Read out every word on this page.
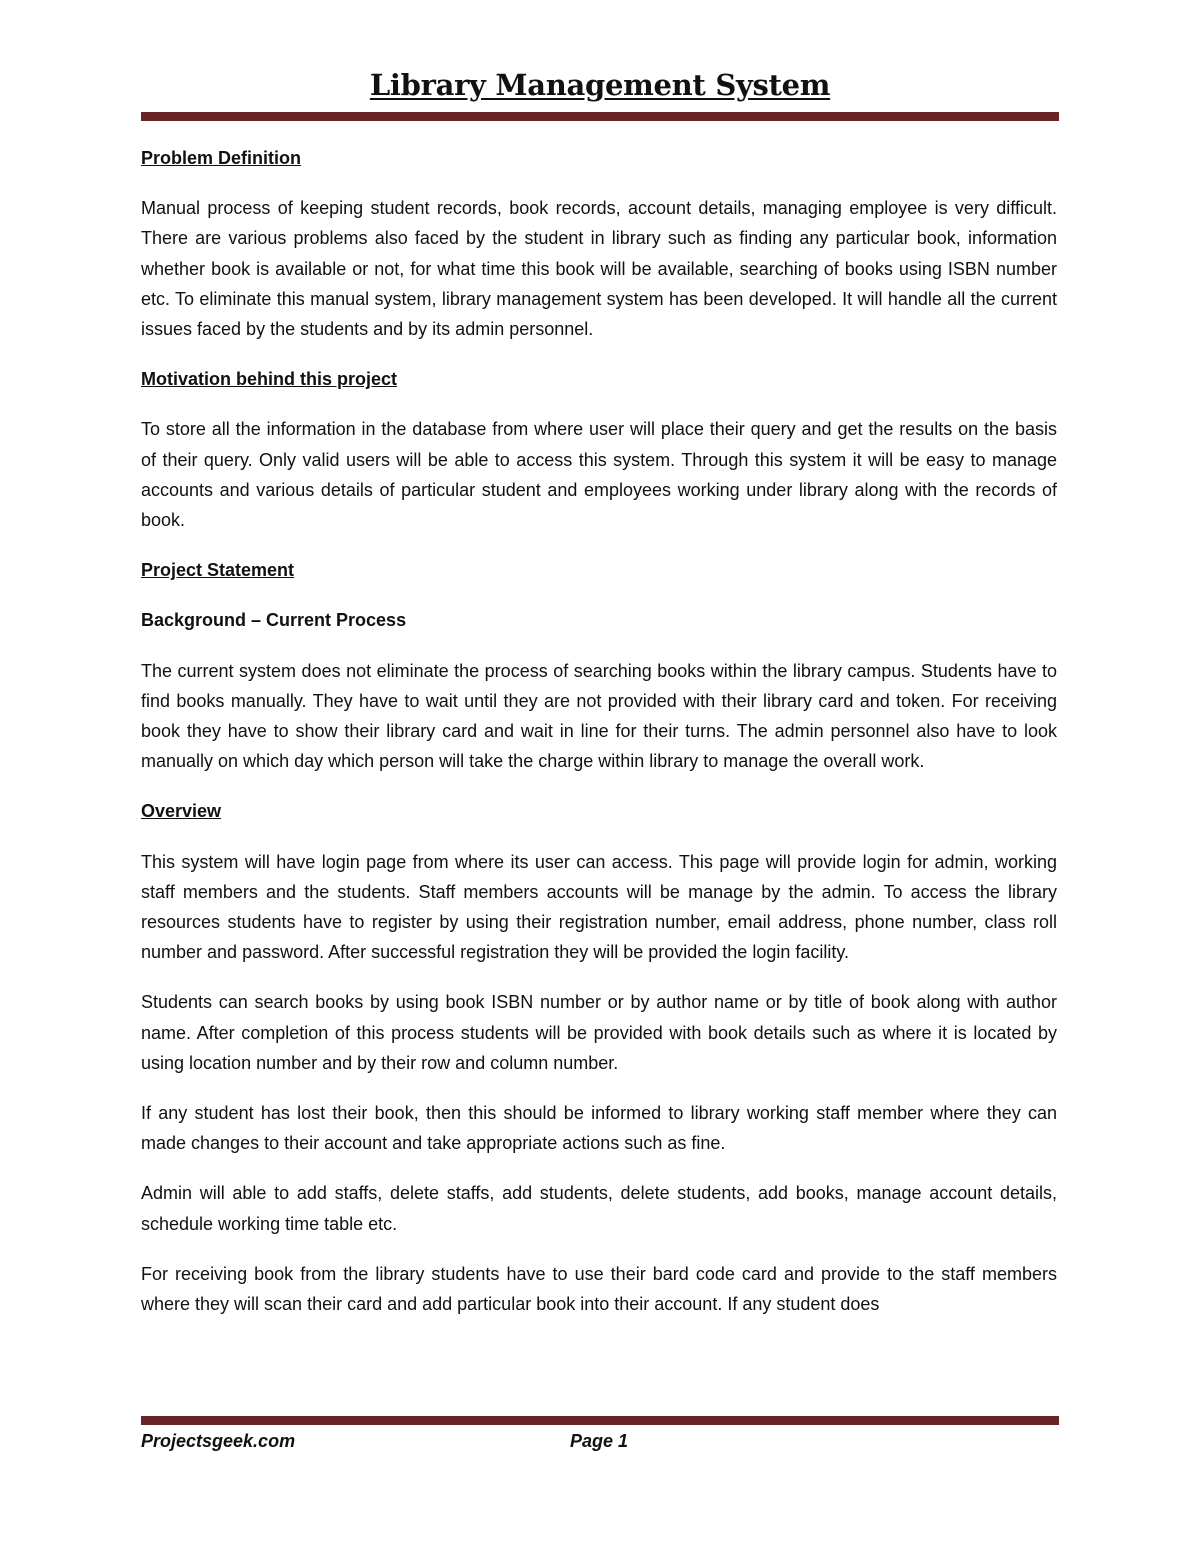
Library Management System

Problem Definition

Manual process of keeping student records, book records, account details, managing employee is very difficult. There are various problems also faced by the student in library such as finding any particular book, information whether book is available or not, for what time this book will be available, searching of books using ISBN number etc. To eliminate this manual system, library management system has been developed. It will handle all the current issues faced by the students and by its admin personnel.

Motivation behind this project

To store all the information in the database from where user will place their query and get the results on the basis of their query. Only valid users will be able to access this system. Through this system it will be easy to manage accounts and various details of particular student and employees working under library along with the records of book.

Project Statement

Background – Current Process

The current system does not eliminate the process of searching books within the library campus. Students have to find books manually. They have to wait until they are not provided with their library card and token. For receiving book they have to show their library card and wait in line for their turns. The admin personnel also have to look manually on which day which person will take the charge within library to manage the overall work.

Overview

This system will have login page from where its user can access. This page will provide login for admin, working staff members and the students. Staff members accounts will be manage by the admin. To access the library resources students have to register by using their registration number, email address, phone number, class roll number and password. After successful registration they will be provided the login facility.

Students can search books by using book ISBN number or by author name or by title of book along with author name. After completion of this process students will be provided with book details such as where it is located by using location number and by their row and column number.

If any student has lost their book, then this should be informed to library working staff member where they can made changes to their account and take appropriate actions such as fine.

Admin will able to add staffs, delete staffs, add students, delete students, add books, manage account details, schedule working time table etc.

For receiving book from the library students have to use their bard code card and provide to the staff members where they will scan their card and add particular book into their account. If any student does

Projectsgeek.com	Page 1
